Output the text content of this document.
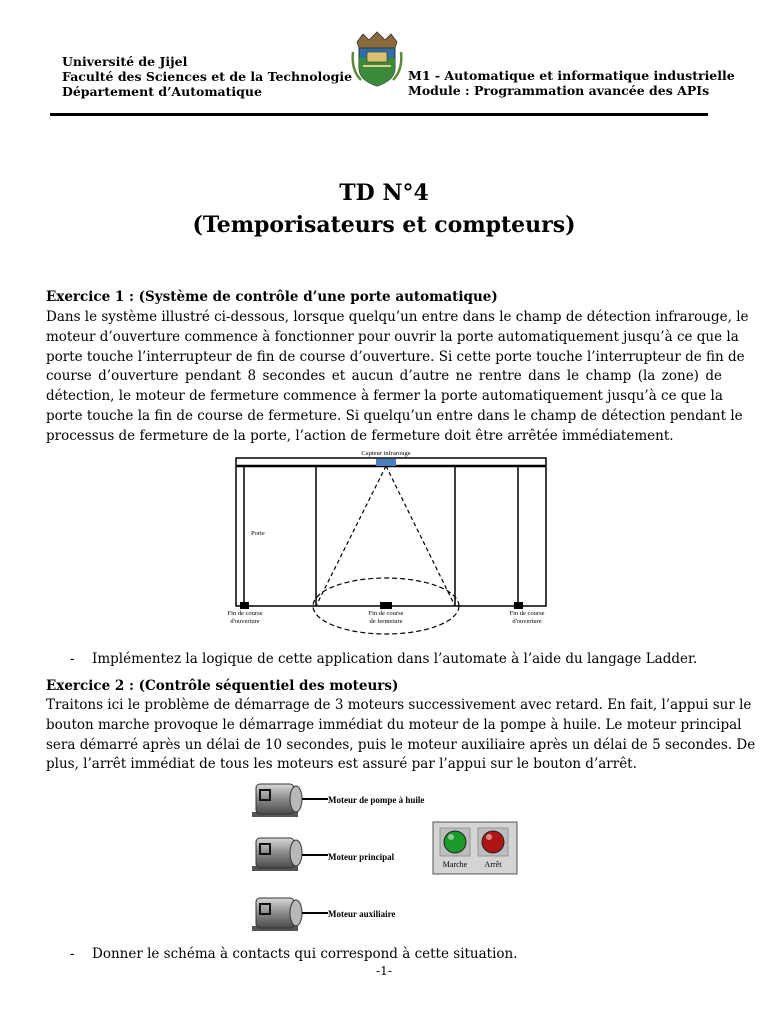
Université de Jijel
Faculté des Sciences et de la Technologie
Département d’Automatique
M1 - Automatique et informatique industrielle
Module : Programmation avancée des APIs
TD N°4
(Temporisateurs et compteurs)
Exercice 1 : (Système de contrôle d’une porte automatique)
Dans le système illustré ci-dessous, lorsque quelqu’un entre dans le champ de détection infrarouge, le
moteur d’ouverture commence à fonctionner pour ouvrir la porte automatiquement jusqu’à ce que la
porte touche l’interrupteur de fin de course d’ouverture. Si cette porte touche l’interrupteur de fin de
course d’ouverture pendant 8 secondes et aucun d’autre ne rentre dans le champ (la zone) de
détection, le moteur de fermeture commence à fermer la porte automatiquement jusqu’à ce que la
porte touche la fin de course de fermeture. Si quelqu’un entre dans le champ de détection pendant le
processus de fermeture de la porte, l’action de fermeture doit être arrêtée immédiatement.
Capteur infrarouge
Porte
Fin de course
d'ouverture
Fin de course
de fermeture
Fin de course
d'ouverture
- Implémentez la logique de cette application dans l’automate à l’aide du langage Ladder.
Exercice 2 : (Contrôle séquentiel des moteurs)
Traitons ici le problème de démarrage de 3 moteurs successivement avec retard. En fait, l’appui sur le
bouton marche provoque le démarrage immédiat du moteur de la pompe à huile. Le moteur principal
sera démarré après un délai de 10 secondes, puis le moteur auxiliaire après un délai de 5 secondes. De
plus, l’arrêt immédiat de tous les moteurs est assuré par l’appui sur le bouton d’arrêt.
Moteur de pompe à huile
Moteur principal
Moteur auxiliaire
Marche Arrêt
- Donner le schéma à contacts qui correspond à cette situation.
-1-
